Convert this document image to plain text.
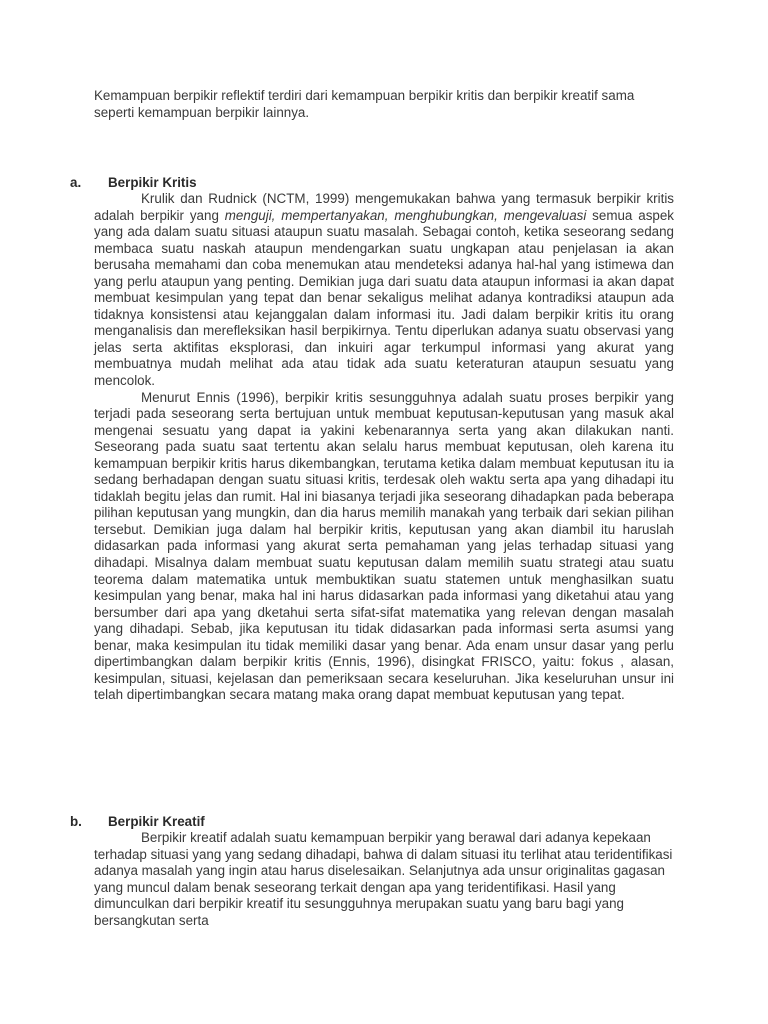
Kemampuan berpikir reflektif terdiri dari kemampuan berpikir kritis dan berpikir kreatif sama seperti kemampuan berpikir lainnya.

a. Berpikir Kritis

Krulik dan Rudnick (NCTM, 1999) mengemukakan bahwa yang termasuk berpikir kritis adalah berpikir yang menguji, mempertanyakan, menghubungkan, mengevaluasi semua aspek yang ada dalam suatu situasi ataupun suatu masalah. Sebagai contoh, ketika seseorang sedang membaca suatu naskah ataupun mendengarkan suatu ungkapan atau penjelasan ia akan berusaha memahami dan coba menemukan atau mendeteksi adanya hal-hal yang istimewa dan yang perlu ataupun yang penting. Demikian juga dari suatu data ataupun informasi ia akan dapat membuat kesimpulan yang tepat dan benar sekaligus melihat adanya kontradiksi ataupun ada tidaknya konsistensi atau kejanggalan dalam informasi itu. Jadi dalam berpikir kritis itu orang menganalisis dan merefleksikan hasil berpikirnya. Tentu diperlukan adanya suatu observasi yang jelas serta aktifitas eksplorasi, dan inkuiri agar terkumpul informasi yang akurat yang membuatnya mudah melihat ada atau tidak ada suatu keteraturan ataupun sesuatu yang mencolok.

Menurut Ennis (1996), berpikir kritis sesungguhnya adalah suatu proses berpikir yang terjadi pada seseorang serta bertujuan untuk membuat keputusan-keputusan yang masuk akal mengenai sesuatu yang dapat ia yakini kebenarannya serta yang akan dilakukan nanti. Seseorang pada suatu saat tertentu akan selalu harus membuat keputusan, oleh karena itu kemampuan berpikir kritis harus dikembangkan, terutama ketika dalam membuat keputusan itu ia sedang berhadapan dengan suatu situasi kritis, terdesak oleh waktu serta apa yang dihadapi itu tidaklah begitu jelas dan rumit. Hal ini biasanya terjadi jika seseorang dihadapkan pada beberapa pilihan keputusan yang mungkin, dan dia harus memilih manakah yang terbaik dari sekian pilihan tersebut. Demikian juga dalam hal berpikir kritis, keputusan yang akan diambil itu haruslah didasarkan pada informasi yang akurat serta pemahaman yang jelas terhadap situasi yang dihadapi. Misalnya dalam membuat suatu keputusan dalam memilih suatu strategi atau suatu teorema dalam matematika untuk membuktikan suatu statemen untuk menghasilkan suatu kesimpulan yang benar, maka hal ini harus didasarkan pada informasi yang diketahui atau yang bersumber dari apa yang dketahui serta sifat-sifat matematika yang relevan dengan masalah yang dihadapi. Sebab, jika keputusan itu tidak didasarkan pada informasi serta asumsi yang benar, maka kesimpulan itu tidak memiliki dasar yang benar. Ada enam unsur dasar yang perlu dipertimbangkan dalam berpikir kritis (Ennis, 1996), disingkat FRISCO, yaitu: fokus , alasan, kesimpulan, situasi, kejelasan dan pemeriksaan secara keseluruhan. Jika keseluruhan unsur ini telah dipertimbangkan secara matang maka orang dapat membuat keputusan yang tepat.

b. Berpikir Kreatif

Berpikir kreatif adalah suatu kemampuan berpikir yang berawal dari adanya kepekaan terhadap situasi yang yang sedang dihadapi, bahwa di dalam situasi itu terlihat atau teridentifikasi adanya masalah yang ingin atau harus diselesaikan. Selanjutnya ada unsur originalitas gagasan yang muncul dalam benak seseorang terkait dengan apa yang teridentifikasi. Hasil yang dimunculkan dari berpikir kreatif itu sesungguhnya merupakan suatu yang baru bagi yang bersangkutan serta
